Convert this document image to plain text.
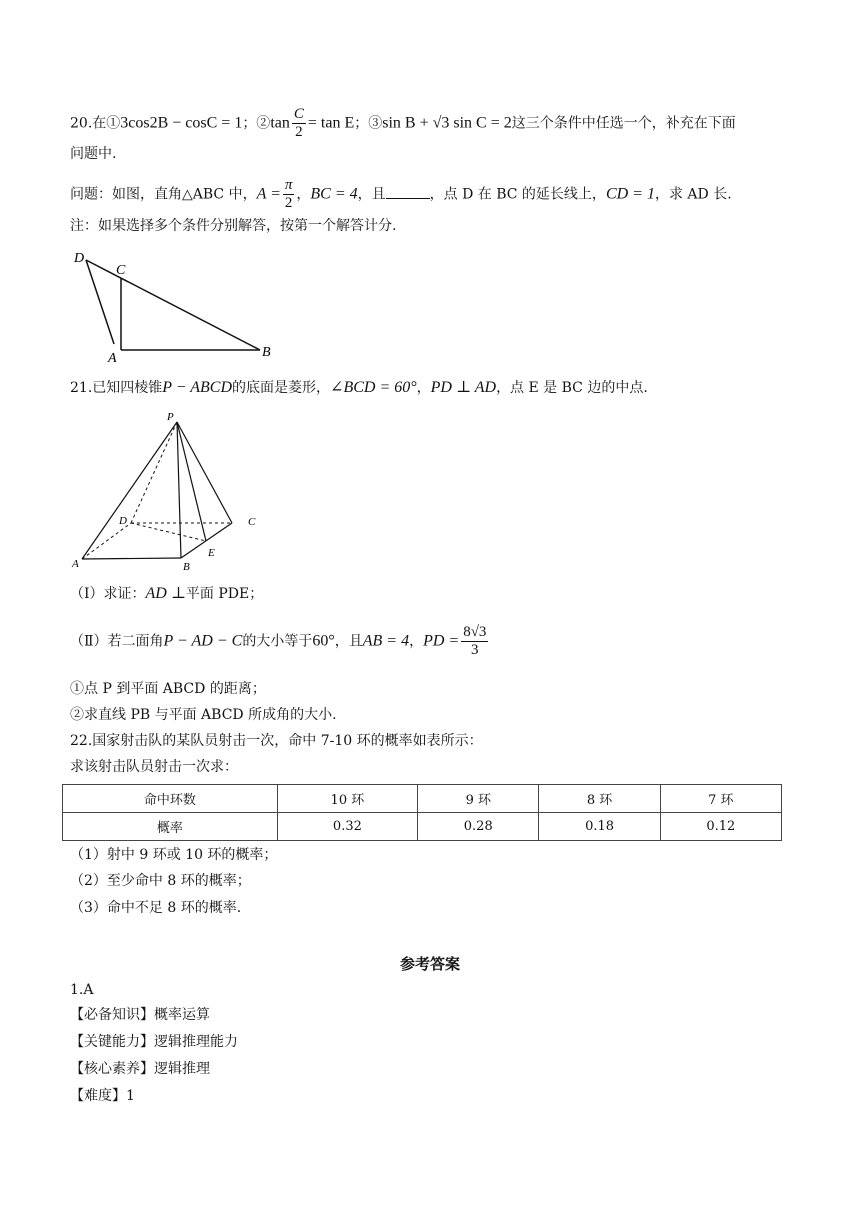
20.在①3cos2B − cosC = 1；②tan $\frac{C}{2} = \tan E$；③sin B + √3 sin C = 2这三个条件中任选一个，补充在下面
问题中.
问题：如图，直角△ABC 中，$A = \frac{\pi}{2}$ ，BC = 4，且	，点 D 在 BC 的延长线上，CD = 1，求 AD 长.
注：如果选择多个条件分别解答，按第一个解答计分.
D
C
A	B
21.已知四棱锥P − ABCD的底面是菱形，∠BCD = 60°，PD ⊥ AD，点 E 是 BC 边的中点.
P
D	C
A	B
E
（Ⅰ）求证：AD ⊥平面 PDE；
（Ⅱ）若二面角P − AD − C的大小等于60°，且AB = 4，PD = $\frac{8√3}{3}$
①点 P 到平面 ABCD 的距离；
②求直线 PB 与平面 ABCD 所成角的大小.
22.国家射击队的某队员射击一次，命中 7-10 环的概率如表所示：
求该射击队员射击一次求：
命中环数	10 环	9 环	8 环	7 环
概率	0.32	0.28	0.18	0.12
（1）射中 9 环或 10 环的概率；
（2）至少命中 8 环的概率；
（3）命中不足 8 环的概率.
参考答案
1.A
【必备知识】概率运算
【关键能力】逻辑推理能力
【核心素养】逻辑推理
【难度】1
